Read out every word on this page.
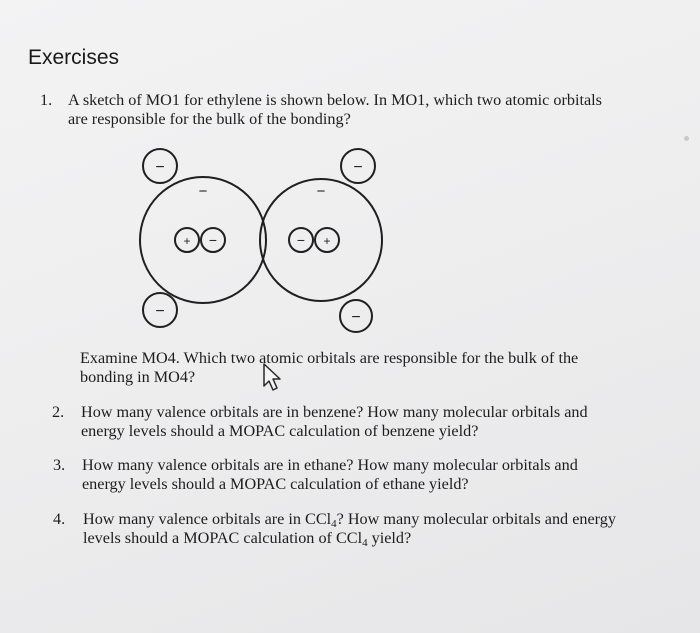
Exercises
1. A sketch of MO1 for ethylene is shown below. In MO1, which two atomic orbitals
are responsible for the bulk of the bonding?
−	−
−	−
−	−
+ −	− +
Examine MO4. Which two atomic orbitals are responsible for the bulk of the
bonding in MO4?
2. How many valence orbitals are in benzene? How many molecular orbitals and
energy levels should a MOPAC calculation of benzene yield?
3. How many valence orbitals are in ethane? How many molecular orbitals and
energy levels should a MOPAC calculation of ethane yield?
4. How many valence orbitals are in CCl$_4$? How many molecular orbitals and energy
levels should a MOPAC calculation of CCl$_4$ yield?
